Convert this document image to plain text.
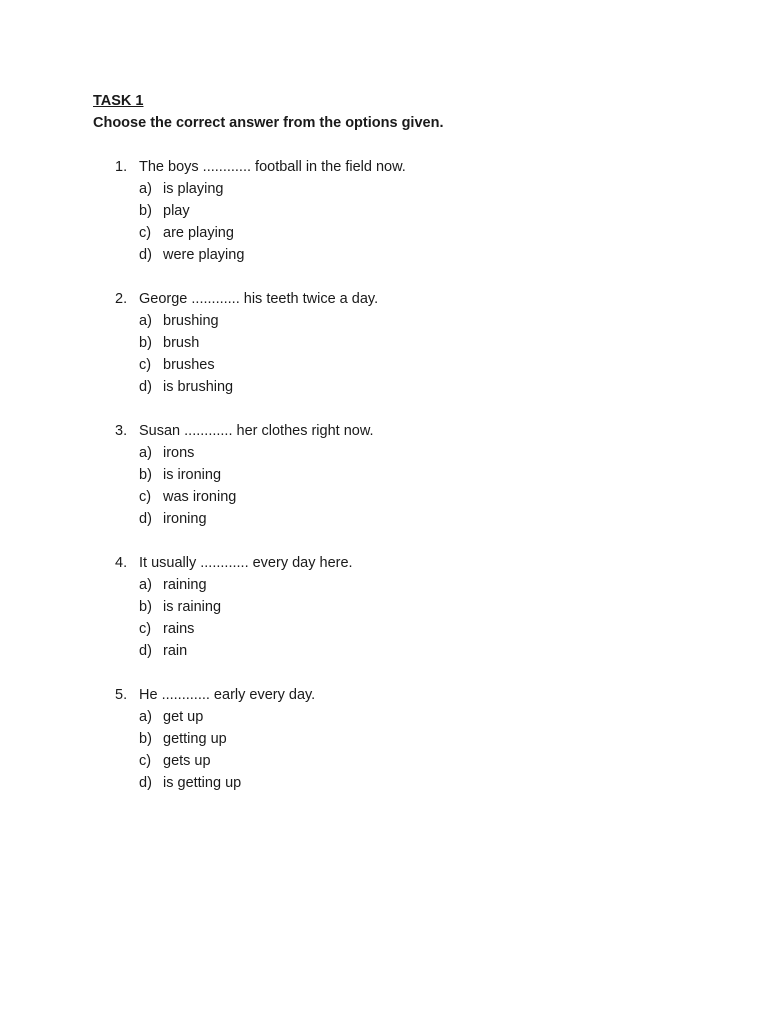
TASK 1
Choose the correct answer from the options given.
1. The boys ............ football in the field now.
a) is playing
b) play
c) are playing
d) were playing
2. George ............ his teeth twice a day.
a) brushing
b) brush
c) brushes
d) is brushing
3. Susan ............ her clothes right now.
a) irons
b) is ironing
c) was ironing
d) ironing
4. It usually ............ every day here.
a) raining
b) is raining
c) rains
d) rain
5. He ............ early every day.
a) get up
b) getting up
c) gets up
d) is getting up
